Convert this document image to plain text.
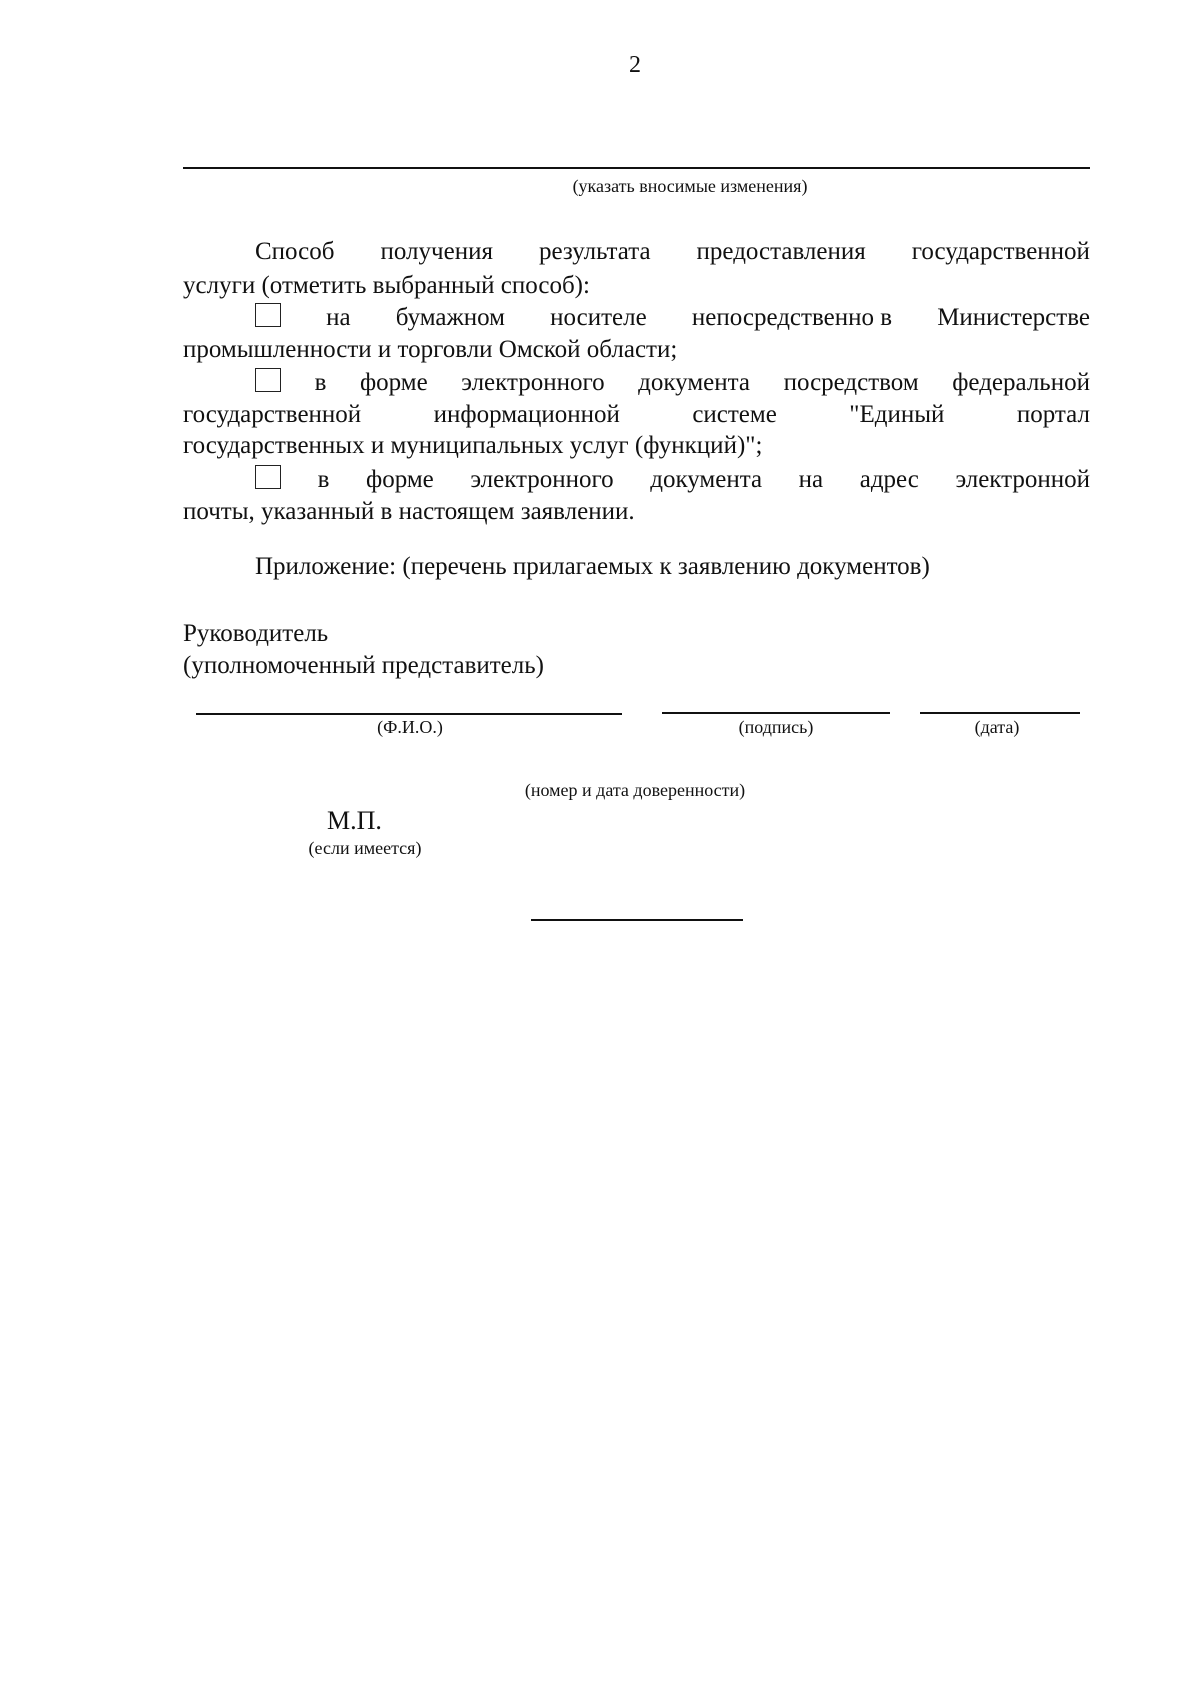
2
(указать вносимые изменения)
Способ получения результата предоставления государственной
услуги (отметить выбранный способ):
на бумажном носителе непосредственно в Министерстве
промышленности и торговли Омской области;
в форме электронного документа посредством федеральной
государственной	информационной	системе	"Единый	портал
государственных и муниципальных услуг (функций)";
в форме электронного документа на адрес электронной
почты, указанный в настоящем заявлении.
Приложение: (перечень прилагаемых к заявлению документов)
Руководитель
(уполномоченный представитель)
(Ф.И.О.)	(подпись)	(дата)
(номер и дата доверенности)
М.П.
(если имеется)
